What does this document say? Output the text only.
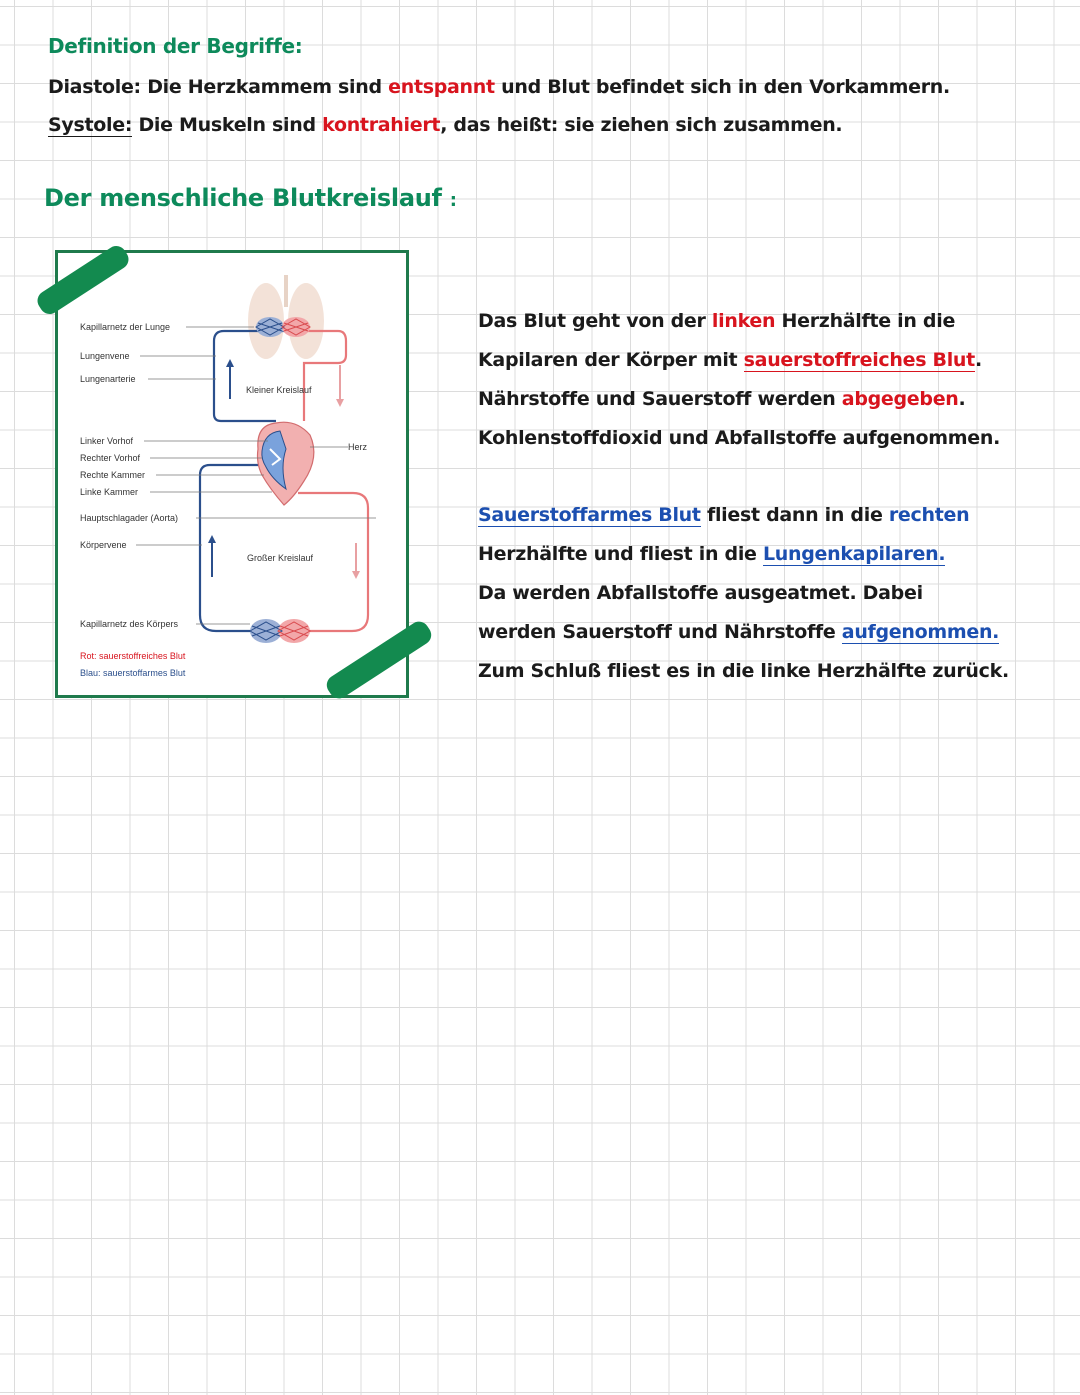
Definition der Begriffe:
Diastole: Die Herzkammem sind entspannt und Blut befindet sich in den Vorkammern.
Systole: Die Muskeln sind kontrahiert, das heißt: sie ziehen sich zusammen.
Der menschliche Blutkreislauf :
Kapillarnetz der Lunge
Lungenvene
Lungenarterie
Linker Vorhof
Rechter Vorhof
Rechte Kammer
Linke Kammer
Hauptschlagader (Aorta)
Körpervene
Kapillarnetz des Körpers
Herz
Kleiner Kreislauf
Großer Kreislauf
Rot: sauerstoffreiches Blut
Blau: sauerstoffarmes Blut
Das Blut geht von der linken Herzhälfte in die
Kapilaren der Körper mit sauerstoffreiches Blut.
Nährstoffe und Sauerstoff werden abgegeben.
Kohlenstoffdioxid und Abfallstoffe aufgenommen.
Sauerstoffarmes Blut fliest dann in die rechten
Herzhälfte und fliest in die Lungenkapilaren.
Da werden Abfallstoffe ausgeatmet. Dabei
werden Sauerstoff und Nährstoffe aufgenommen.
Zum Schluß fliest es in die linke Herzhälfte zurück.
